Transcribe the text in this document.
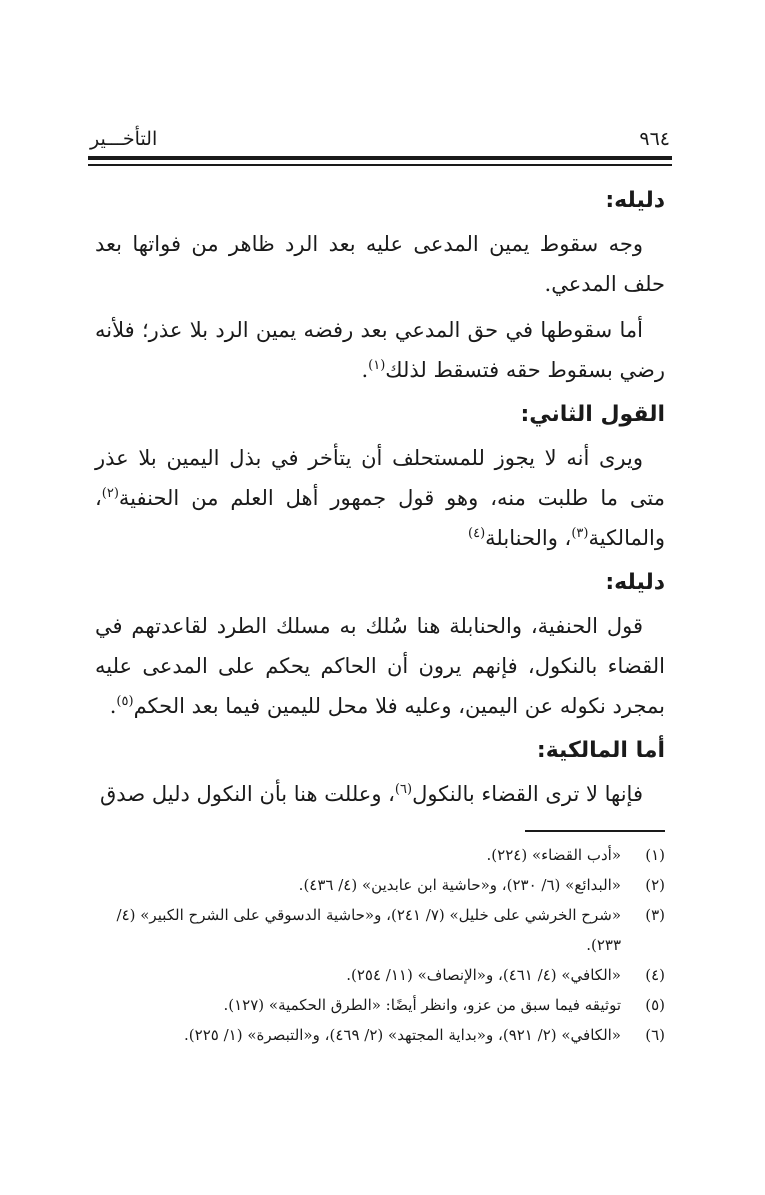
٩٦٤
التأخـــير
دليله:

وجه سقوط يمين المدعى عليه بعد الرد ظاهر من فواتها بعد حلف المدعي.

أما سقوطها في حق المدعي بعد رفضه يمين الرد بلا عذر؛ فلأنه رضي بسقوط حقه فتسقط لذلك$^{(١)}$.

القول الثاني:

ويرى أنه لا يجوز للمستحلف أن يتأخر في بذل اليمين بلا عذر متى ما طلبت منه، وهو قول جمهور أهل العلم من الحنفية$^{(٢)}$، والمالكية$^{(٣)}$، والحنابلة$^{(٤)}$

دليله:

قول الحنفية، والحنابلة هنا سُلك به مسلك الطرد لقاعدتهم في القضاء بالنكول، فإنهم يرون أن الحاكم يحكم على المدعى عليه بمجرد نكوله عن اليمين، وعليه فلا محل لليمين فيما بعد الحكم$^{(٥)}$.

أما المالكية:

فإنها لا ترى القضاء بالنكول$^{(٦)}$، وعللت هنا بأن النكول دليل صدق

(١)
«أدب القضاء» (٢٢٤).
(٢)
«البدائع» (٦/ ٢٣٠)، و«حاشية ابن عابدين» (٤/ ٤٣٦).
(٣)
«شرح الخرشي على خليل» (٧/ ٢٤١)، و«حاشية الدسوقي على الشرح الكبير» (٤/ ٢٣٣).
(٤)
«الكافي» (٤/ ٤٦١)، و«الإنصاف» (١١/ ٢٥٤).
(٥)
توثيقه فيما سبق من عزو، وانظر أيضًا: «الطرق الحكمية» (١٢٧).
(٦)
«الكافي» (٢/ ٩٢١)، و«بداية المجتهد» (٢/ ٤٦٩)، و«التبصرة» (١/ ٢٢٥).
